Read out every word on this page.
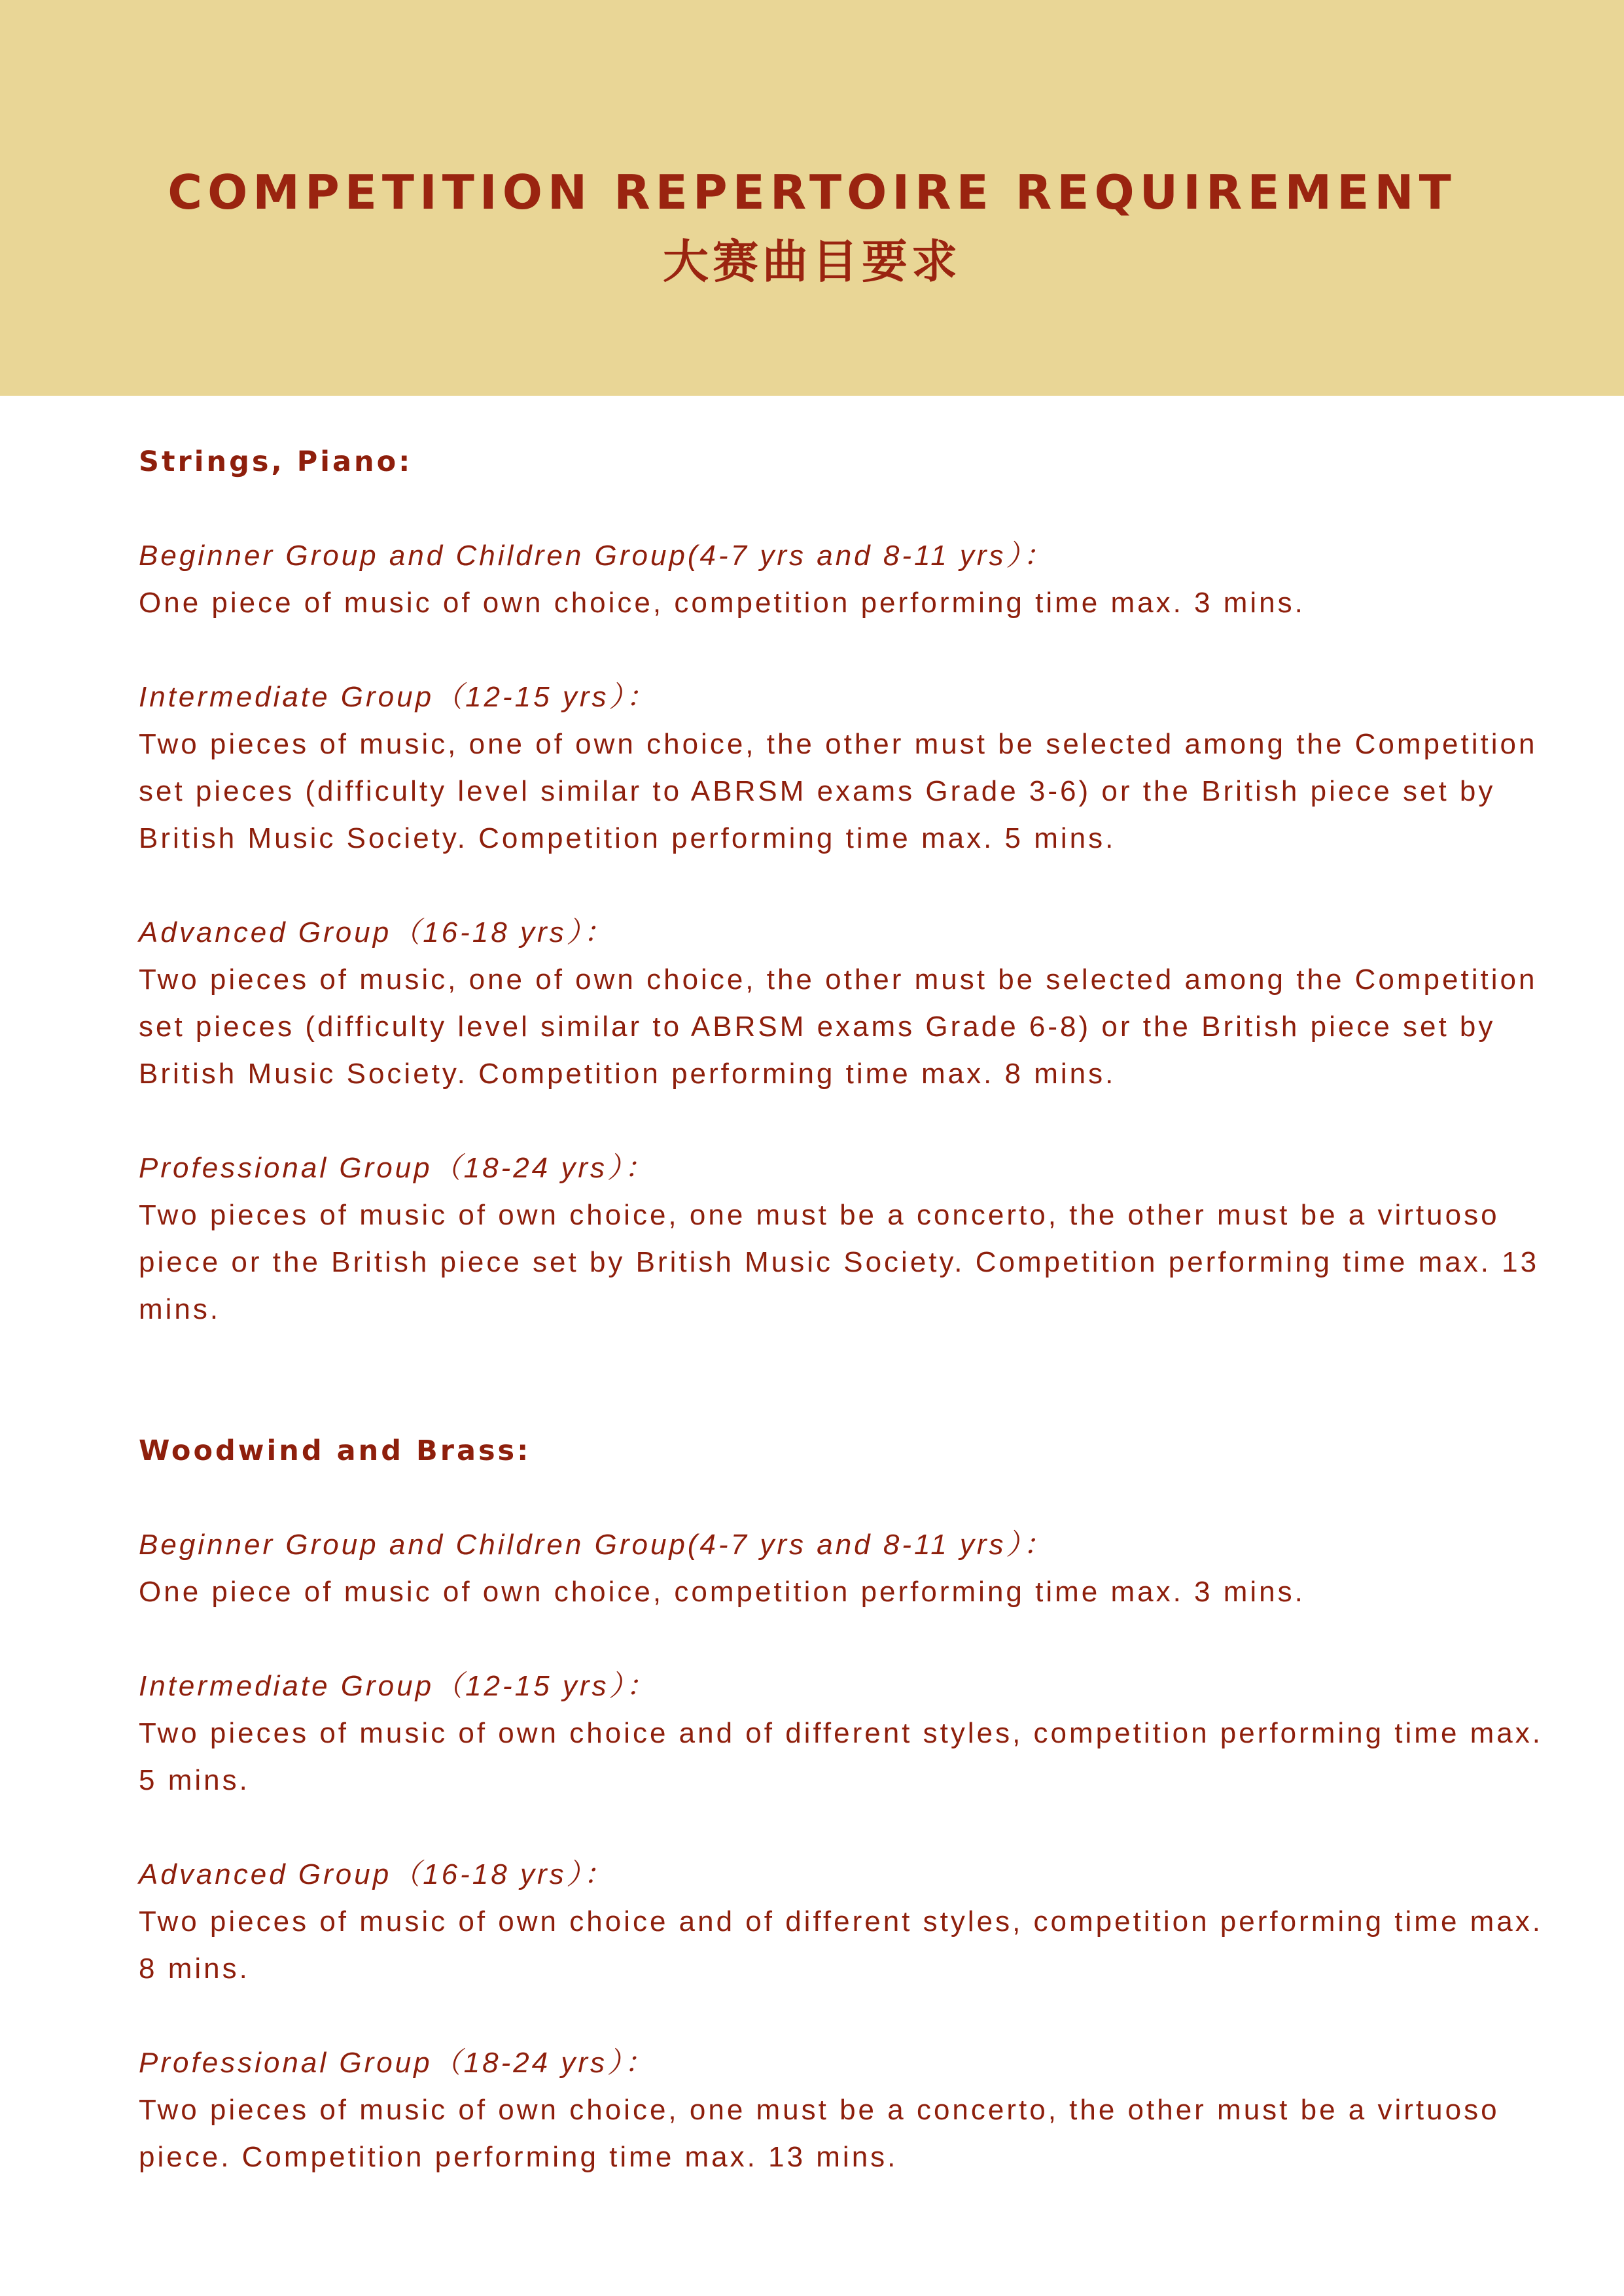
COMPETITION REPERTOIRE REQUIREMENT
大赛曲目要求
Strings, Piano:
Beginner Group and Children Group(4-7 yrs and 8-11 yrs）：
One piece of music of own choice, competition performing time max. 3 mins.
Intermediate Group（12-15 yrs）：
Two pieces of music, one of own choice, the other must be selected among the Competition set pieces (difficulty level similar to ABRSM exams Grade 3-6) or the British piece set by British Music Society. Competition performing time max. 5 mins.
Advanced Group（16-18 yrs）：
Two pieces of music, one of own choice, the other must be selected among the Competition set pieces (difficulty level similar to ABRSM exams Grade 6-8) or the British piece set by British Music Society. Competition performing time max. 8 mins.
Professional Group（18-24 yrs）：
Two pieces of music of own choice, one must be a concerto, the other must be a virtuoso piece or the British piece set by British Music Society. Competition performing time max. 13 mins.
Woodwind and Brass:
Beginner Group and Children Group(4-7 yrs and 8-11 yrs）：
One piece of music of own choice, competition performing time max. 3 mins.
Intermediate Group（12-15 yrs）：
Two pieces of music of own choice and of different styles, competition performing time max. 5 mins.
Advanced Group（16-18 yrs）：
Two pieces of music of own choice and of different styles, competition performing time max. 8 mins.
Professional Group（18-24 yrs）：
Two pieces of music of own choice, one must be a concerto, the other must be a virtuoso piece. Competition performing time max. 13 mins.
